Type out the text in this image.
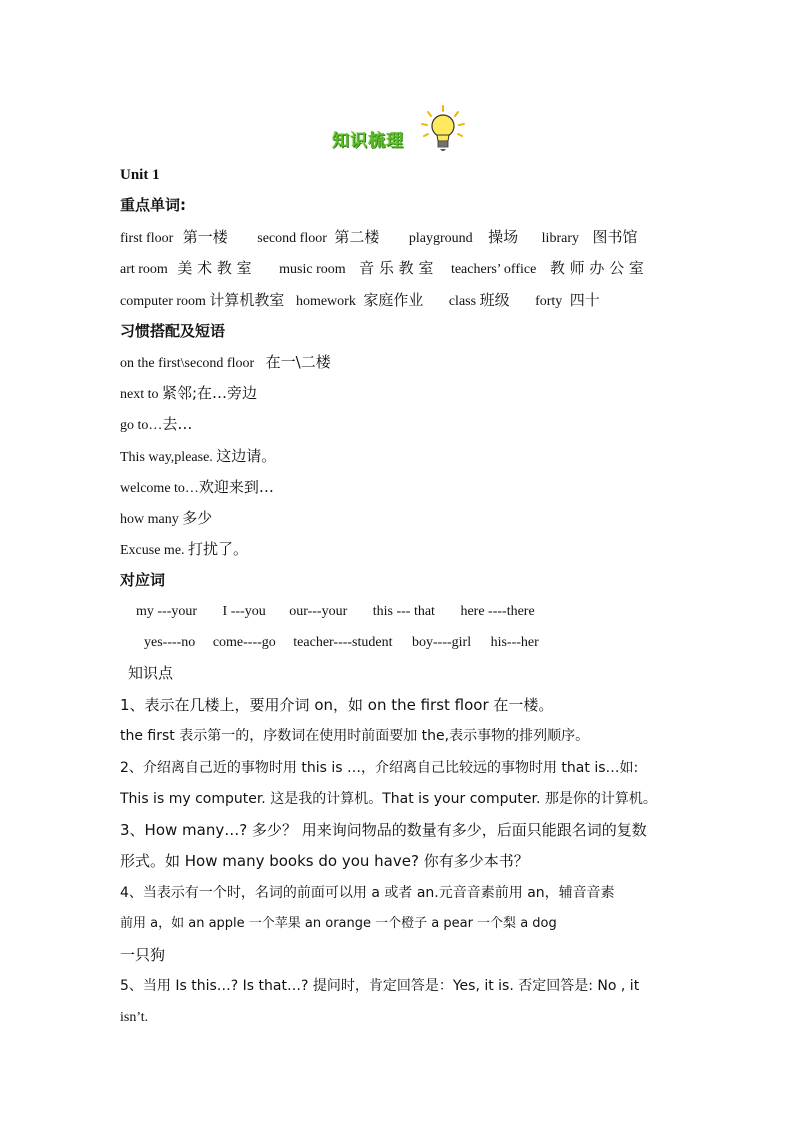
知识梳理
Unit 1
重点单词:
first floor 第一楼 second floor 第二楼 playground 操场 library 图书馆
art room 美 术 教 室 music room 音 乐 教 室 teachers’ office 教 师 办 公 室
computer room 计算机教室 homework 家庭作业 class 班级 forty 四十
习惯搭配及短语
on the first\second floor 在一\二楼
next to 紧邻;在…旁边
go to…去…
This way,please. 这边请。
welcome to…欢迎来到…
how many 多少
Excuse me. 打扰了。
对应词
my ---your I ---you our---your this --- that here ----there
yes----no come----go teacher----student boy----girl his---her
知识点
1、表示在几楼上，要用介词 on，如 on the first floor 在一楼。
the first 表示第一的，序数词在使用时前面要加 the,表示事物的排列顺序。
2、介绍离自己近的事物时用 this is …，介绍离自己比较远的事物时用 that is…如:
This is my computer. 这是我的计算机。That is your computer. 那是你的计算机。
3、How many…? 多少？ 用来询问物品的数量有多少，后面只能跟名词的复数
形式。如 How many books do you have? 你有多少本书？
4、当表示有一个时，名词的前面可以用 a 或者 an.元音音素前用 an，辅音音素
前用 a，如 an apple 一个苹果 an orange 一个橙子 a pear 一个梨 a dog
一只狗
5、当用 Is this…? Is that…? 提问时，肯定回答是：Yes, it is. 否定回答是: No , it
isn’t.
